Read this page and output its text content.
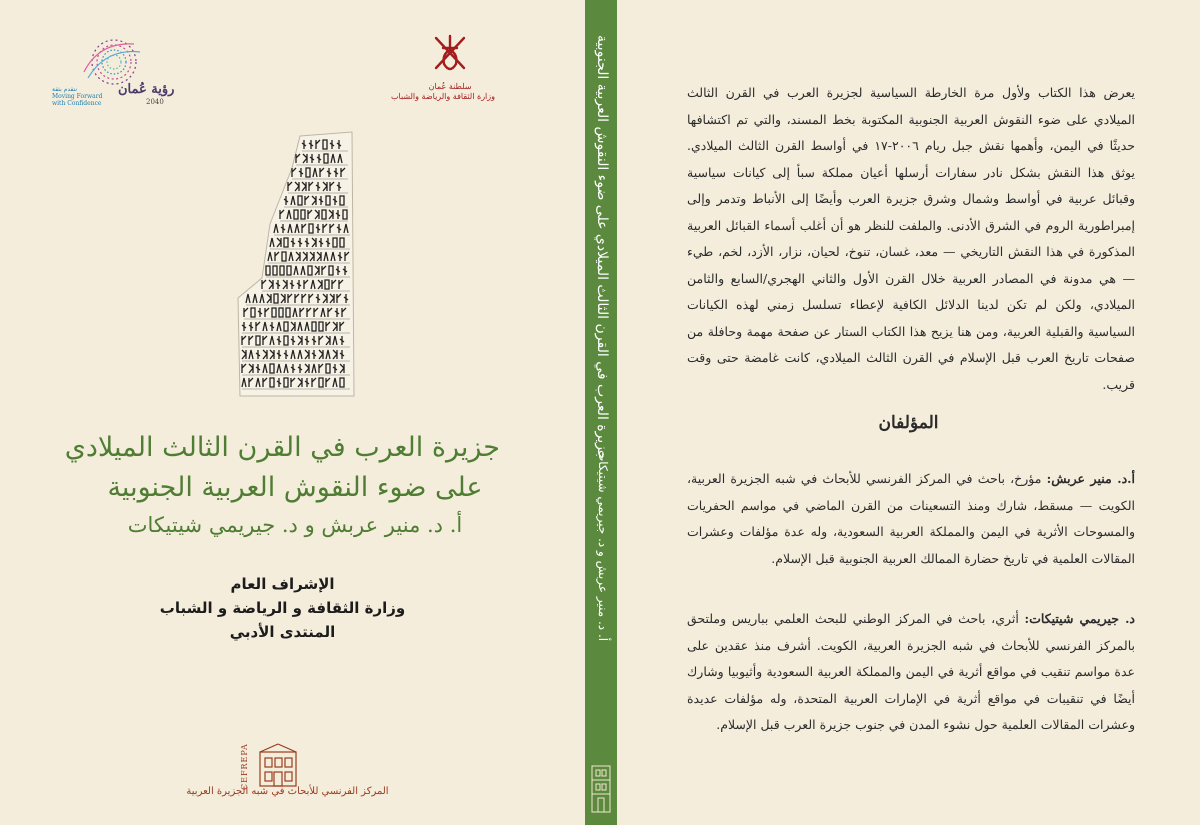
رؤية عُمان
2040
نتقدم بثقة
Moving Forward
with Confidence
سلطنة عُمان
وزارة الثقافة والرياضة والشباب
جزيرة العرب في القرن الثالث الميلادي
على ضوء النقوش العربية الجنوبية
أ. د. منير عربش و د. جيريمي شيتيكات
الإشراف العام
وزارة الثقافة و الرياضة و الشباب
المنتدى الأدبي
CEFREPA
المركز الفرنسي للأبحاث في شبه الجزيرة العربية
جزيرة العرب في القرن الثالث الميلادي على ضوء النقوش العربية الجنوبية
أ. د. منير عربش و د. جيريمي شيتيكات
يعرض هذا الكتاب ولأول مرة الخارطة السياسية لجزيرة العرب في القرن الثالث الميلادي على ضوء النقوش العربية الجنوبية المكتوبة بخط المسند، والتي تم اكتشافها حديثًا في اليمن، وأهمها نقش جبل ريام ٢٠٠٦-١٧ في أواسط القرن الثالث الميلادي. يوثق هذا النقش بشكل نادر سفارات أرسلها أعيان مملكة سبأ إلى كيانات سياسية وقبائل عربية في أواسط وشمال وشرق جزيرة العرب وأيضًا إلى الأنباط وتدمر وإلى إمبراطورية الروم في الشرق الأدنى. والملفت للنظر هو أن أغلب أسماء القبائل العربية المذكورة في هذا النقش التاريخي — معد، غسان، تنوخ، لحيان، نزار، الأزد، لخم، طيء — هي مدونة في المصادر العربية خلال القرن الأول والثاني الهجري/السابع والثامن الميلادي، ولكن لم تكن لدينا الدلائل الكافية لإعطاء تسلسل زمني لهذه الكيانات السياسية والقبلية العربية، ومن هنا يزيح هذا الكتاب الستار عن صفحة مهمة وحافلة من صفحات تاريخ العرب قبل الإسلام في القرن الثالث الميلادي، كانت غامضة حتى وقت قريب.
المؤلفان
أ.د. منير عربش: مؤرخ، باحث في المركز الفرنسي للأبحاث في شبه الجزيرة العربية، الكويت — مسقط، شارك ومنذ التسعينات من القرن الماضي في مواسم الحفريات والمسوحات الأثرية في اليمن والمملكة العربية السعودية، وله عدة مؤلفات وعشرات المقالات العلمية في تاريخ حضارة الممالك العربية الجنوبية قبل الإسلام.
د. جيريمي شيتيكات: أثري، باحث في المركز الوطني للبحث العلمي بباريس وملتحق بالمركز الفرنسي للأبحاث في شبه الجزيرة العربية، الكويت. أشرف منذ عقدين على عدة مواسم تنقيب في مواقع أثرية في اليمن والمملكة العربية السعودية وأثيوبيا وشارك أيضًا في تنقيبات في مواقع أثرية في الإمارات العربية المتحدة، وله مؤلفات عديدة وعشرات المقالات العلمية حول نشوء المدن في جنوب جزيرة العرب قبل الإسلام.
